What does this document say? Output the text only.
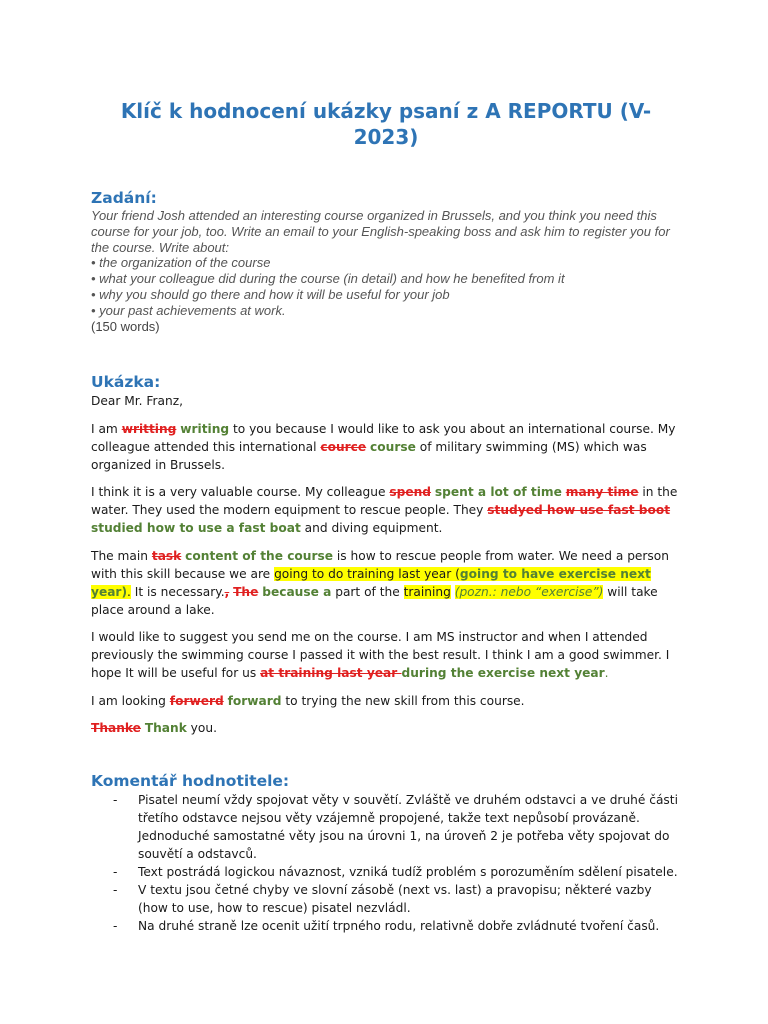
Klíč k hodnocení ukázky psaní z A REPORTU (V-2023)
Zadání:
Your friend Josh attended an interesting course organized in Brussels, and you think you need this course for your job, too. Write an email to your English-speaking boss and ask him to register you for the course. Write about:
• the organization of the course
• what your colleague did during the course (in detail) and how he benefited from it
• why you should go there and how it will be useful for your job
• your past achievements at work.
(150 words)
Ukázka:

Dear Mr. Franz,

I am writting writing to you because I would like to ask you about an international course. My colleague attended this international cource course of military swimming (MS) which was organized in Brussels.

I think it is a very valuable course. My colleague spend spent a lot of time many time in the water. They used the modern equipment to rescue people. They studyed how use fast boot studied how to use a fast boat and diving equipment.

The main task content of the course is how to rescue people from water. We need a person with this skill because we are going to do training last year (going to have exercise next year). It is necessary., The because a part of the training (pozn.: nebo “exercise”) will take place around a lake.

I would like to suggest you send me on the course. I am MS instructor and when I attended previously the swimming course I passed it with the best result. I think I am a good swimmer. I hope It will be useful for us at training last year during the exercise next year.

I am looking forwerd forward to trying the new skill from this course.

Thanke Thank you.

Komentář hodnotitele:
- Pisatel neumí vždy spojovat věty v souvětí. Zvláště ve druhém odstavci a ve druhé části třetího odstavce nejsou věty vzájemně propojené, takže text nepůsobí provázaně. Jednoduché samostatné věty jsou na úrovni 1, na úroveň 2 je potřeba věty spojovat do souvětí a odstavců.
- Text postrádá logickou návaznost, vzniká tudíž problém s porozuměním sdělení pisatele.
- V textu jsou četné chyby ve slovní zásobě (next vs. last) a pravopisu; některé vazby (how to use, how to rescue) pisatel nezvládl.
- Na druhé straně lze ocenit užití trpného rodu, relativně dobře zvládnuté tvoření časů.
